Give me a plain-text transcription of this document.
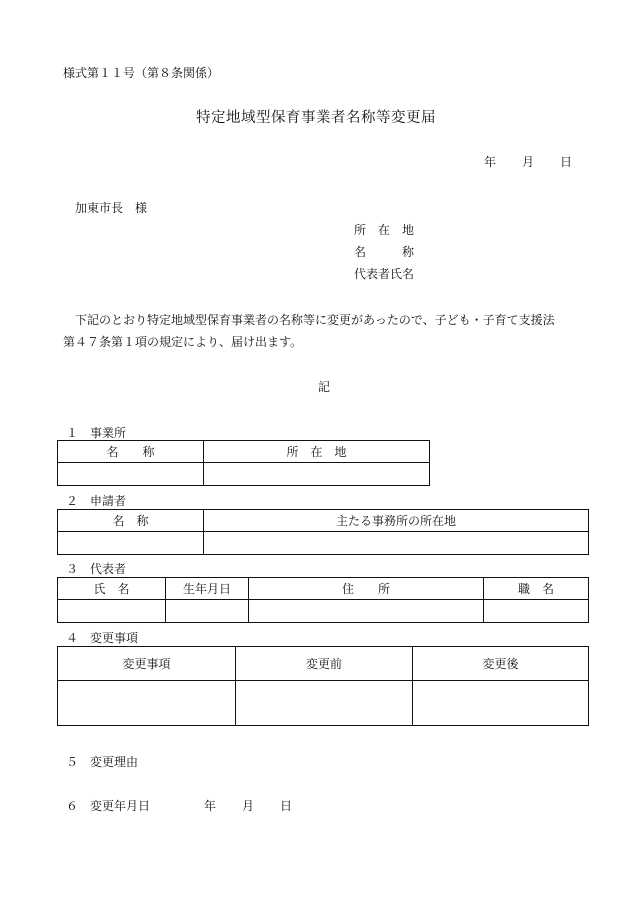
様式第１１号（第８条関係）
特定地域型保育事業者名称等変更届
年 月 日
加東市長　様
所　在　地
名　　　称
代表者氏名
下記のとおり特定地域型保育事業者の名称等に変更があったので、子ども・子育て支援法
第４７条第１項の規定により、届け出ます。
記
１　事業所
名　　称	所　在　地

２　申請者
名　称	主たる事務所の所在地

３　代表者
氏　名	生年月日	住　　所	職　名

４　変更事項
変更事項	変更前	変更後

５　変更理由
６　変更年月日	年 月 日
